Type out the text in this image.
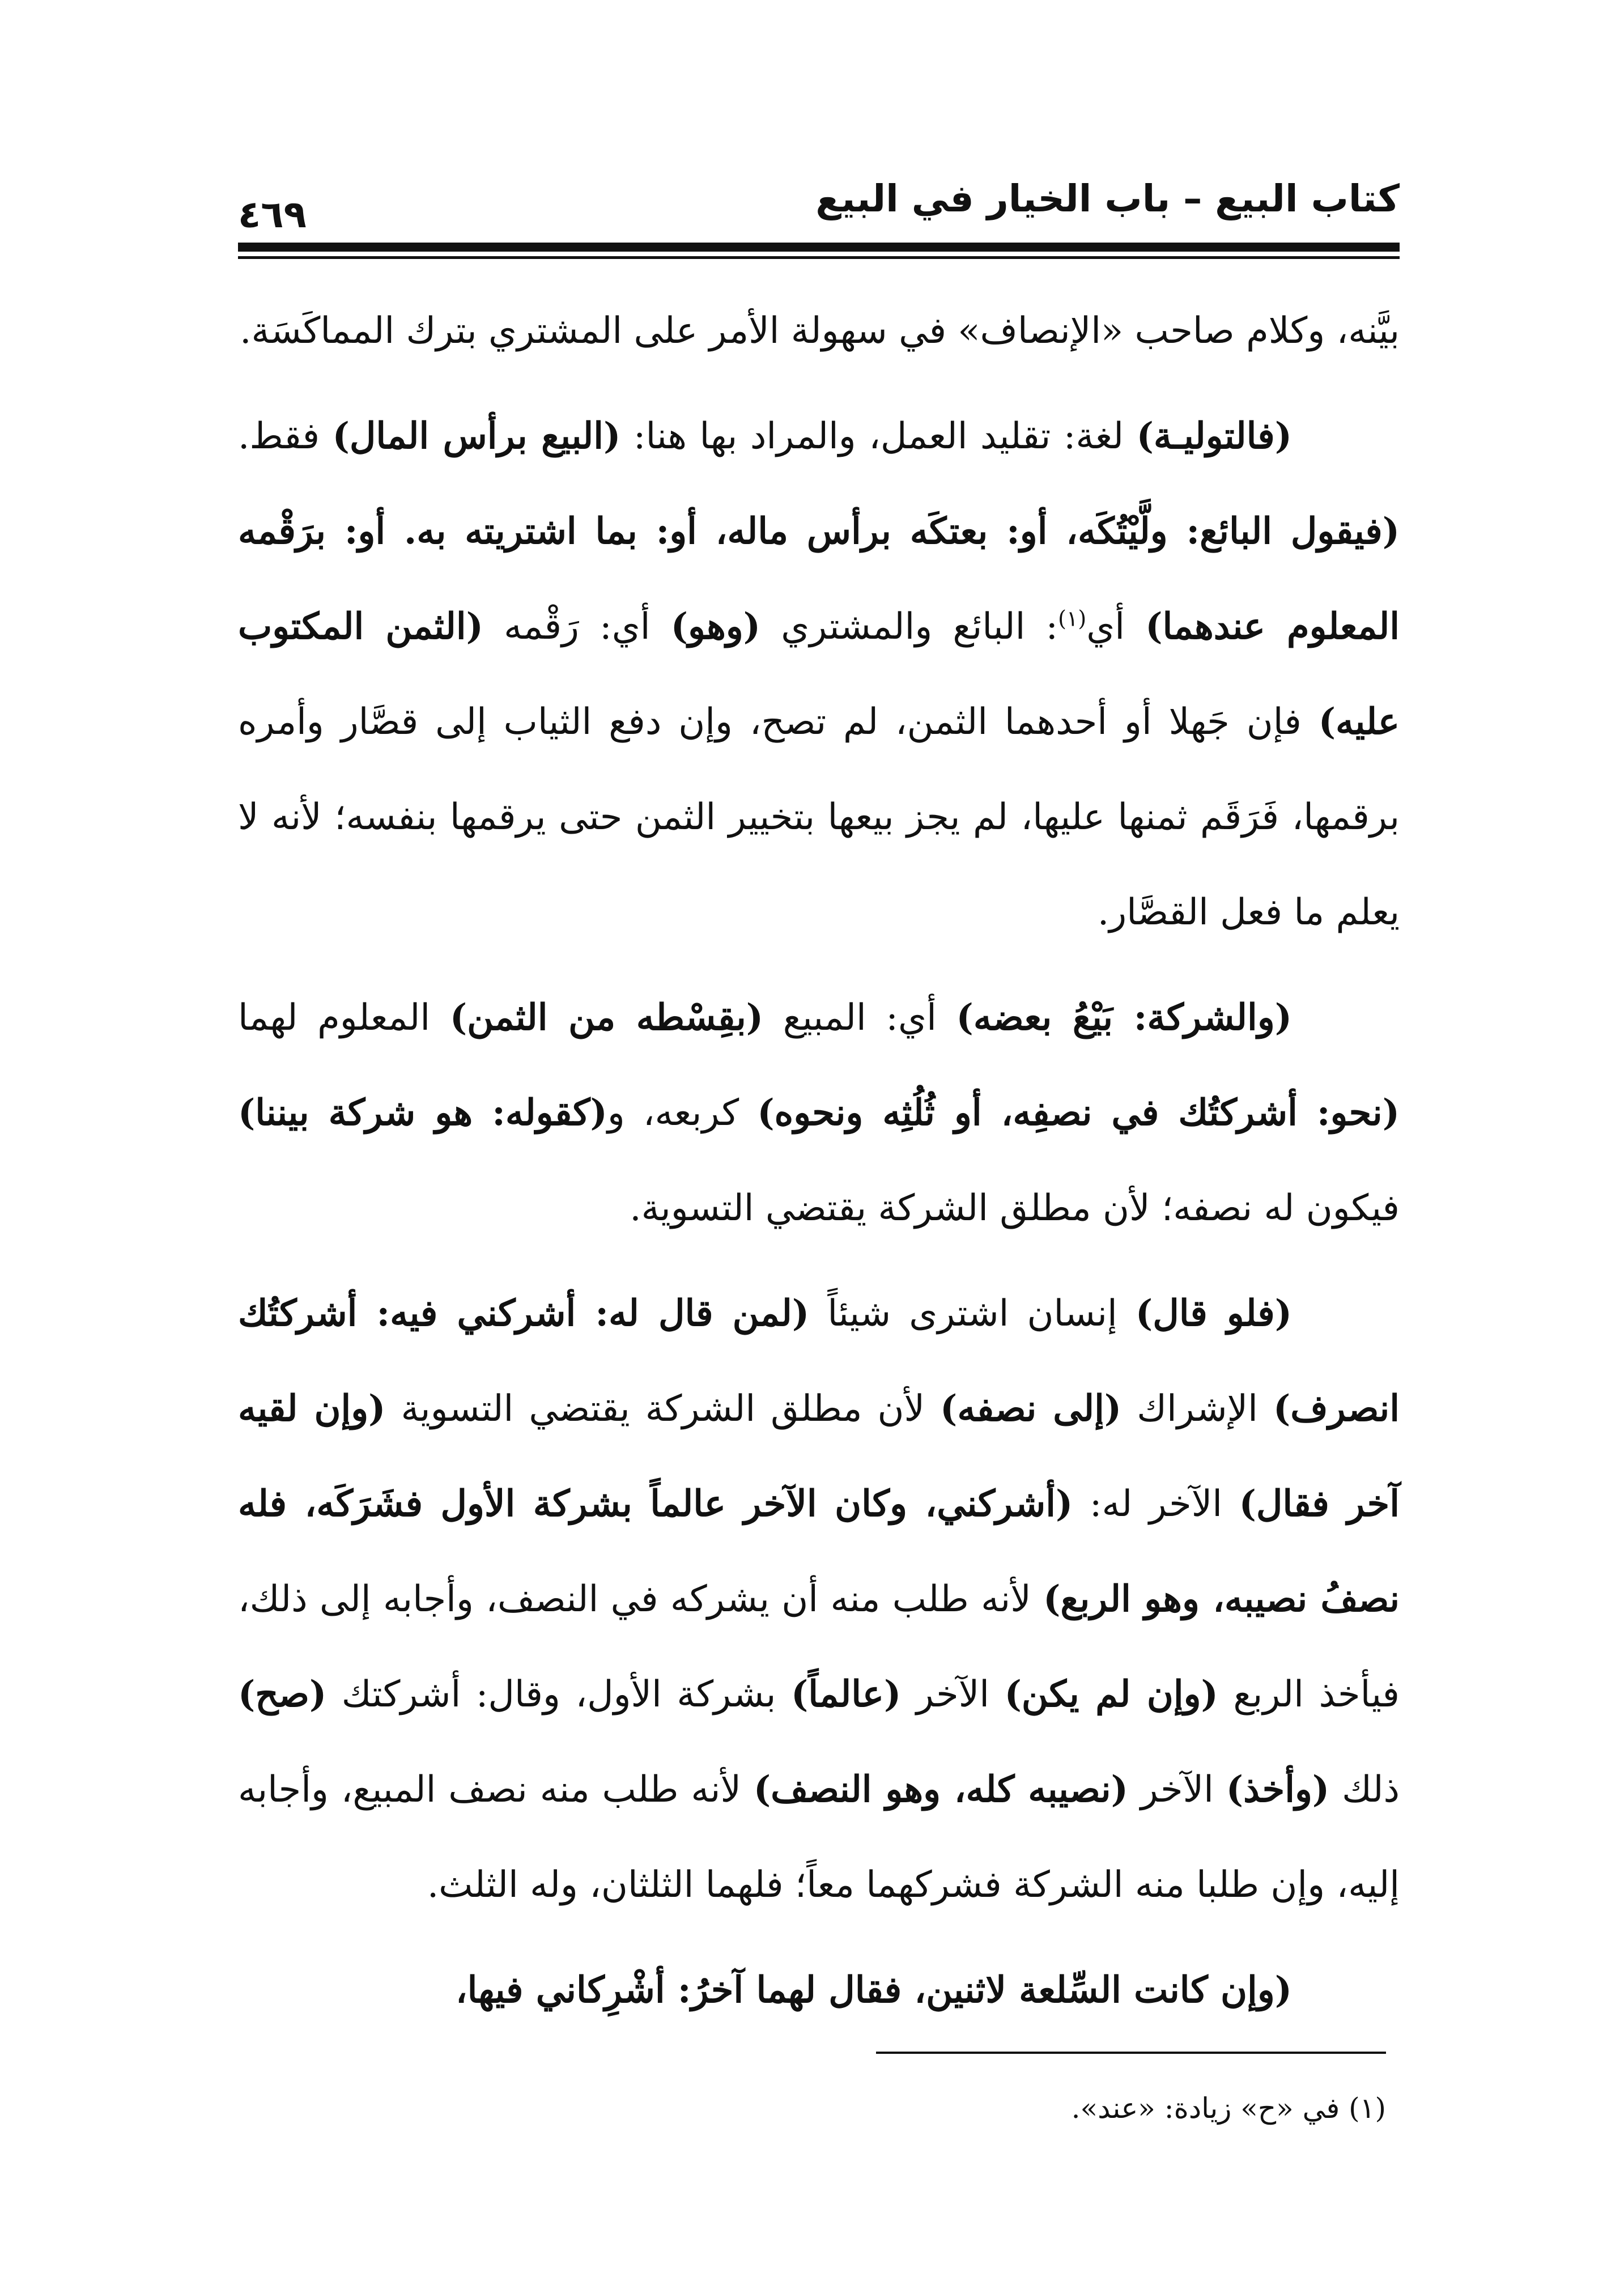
٤٦٩	كتاب البيع – باب الخيار في البيع

بيَّنه، وكلام صاحب «الإنصاف» في سهولة الأمر على المشتري بترك المماكَسَة.

(فالتوليـة) لغة: تقليد العمل، والمراد بها هنا: (البيع برأس المال) فقط. (فيقول البائع: ولَّيْتُكَه، أو: بعتكَه برأس ماله، أو: بما اشتريته به. أو: برَقْمه المعلوم عندهما) أي$^{(١)}$: البائع والمشتري (وهو) أي: رَقْمه (الثمن المكتوب عليه) فإن جَهلا أو أحدهما الثمن، لم تصح، وإن دفع الثياب إلى قصَّار وأمره برقمها، فَرَقَم ثمنها عليها، لم يجز بيعها بتخيير الثمن حتى يرقمها بنفسه؛ لأنه لا يعلم ما فعل القصَّار.

(والشركة: بَيْعُ بعضه) أي: المبيع (بقِسْطه من الثمن) المعلوم لهما (نحو: أشركتُك في نصفِه، أو ثُلُثِه ونحوه) كربعه، و(كقوله: هو شركة بيننا) فيكون له نصفه؛ لأن مطلق الشركة يقتضي التسوية.

(فلو قال) إنسان اشترى شيئاً (لمن قال له: أشركني فيه: أشركتُك انصرف) الإشراك (إلى نصفه) لأن مطلق الشركة يقتضي التسوية (وإن لقيه آخر فقال) الآخر له: (أشركني، وكان الآخر عالماً بشركة الأول فشَرَكَه، فله نصفُ نصيبه، وهو الربع) لأنه طلب منه أن يشركه في النصف، وأجابه إلى ذلك، فيأخذ الربع (وإن لم يكن) الآخر (عالماً) بشركة الأول، وقال: أشركتك (صح) ذلك (وأخذ) الآخر (نصيبه كله، وهو النصف) لأنه طلب منه نصف المبيع، وأجابه إليه، وإن طلبا منه الشركة فشركهما معاً؛ فلهما الثلثان، وله الثلث.

(وإن كانت السِّلعة لاثنين، فقال لهما آخرُ: أشْرِكاني فيها،

(١) في «ح» زيادة: «عند».
